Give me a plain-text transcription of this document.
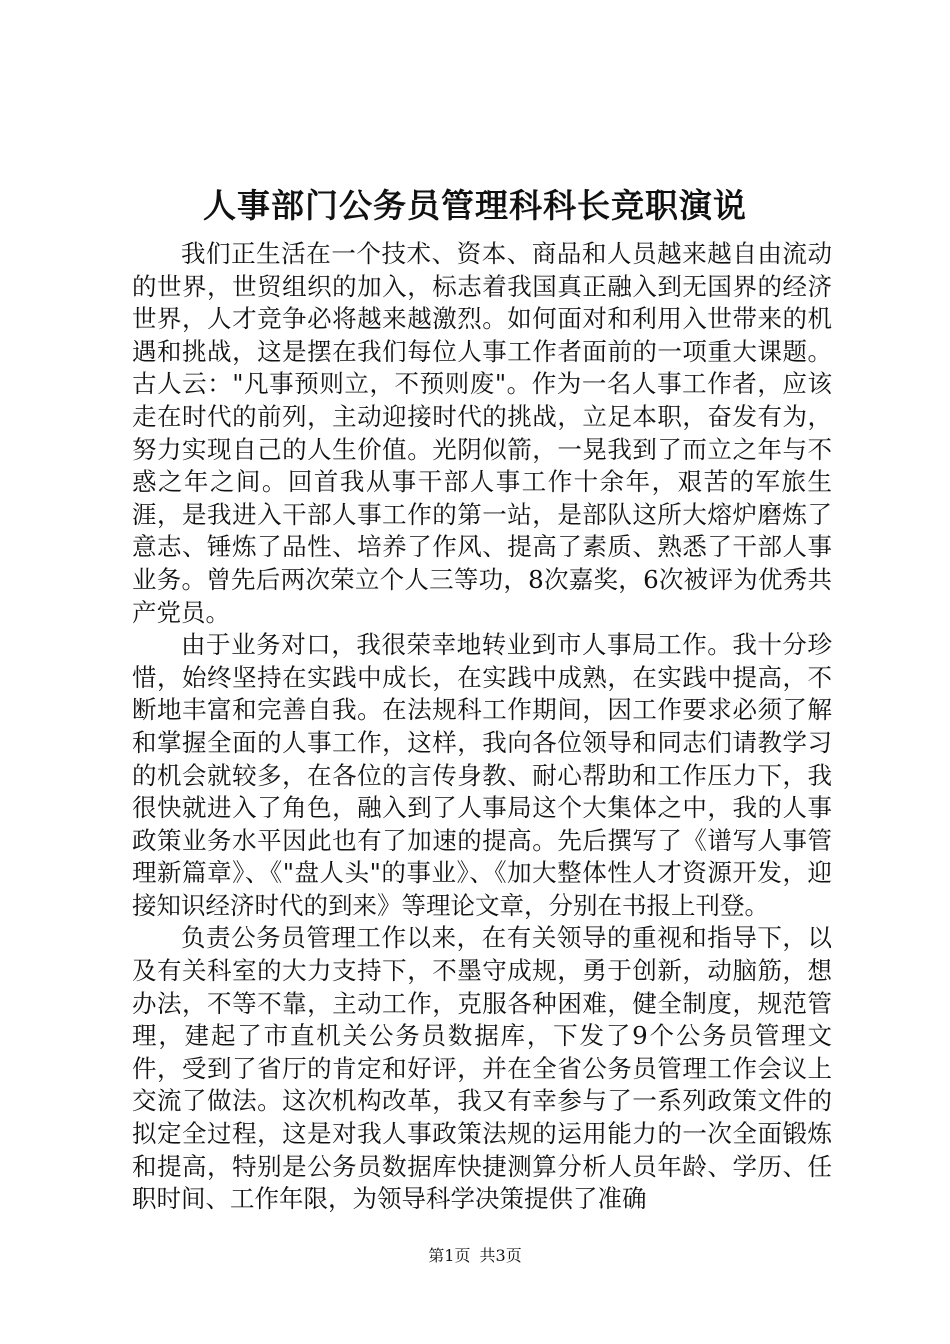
人事部门公务员管理科科长竞职演说

我们正生活在一个技术、资本、商品和人员越来越自由流动的世界，世贸组织的加入，标志着我国真正融入到无国界的经济世界，人才竞争必将越来越激烈。如何面对和利用入世带来的机遇和挑战，这是摆在我们每位人事工作者面前的一项重大课题。古人云："凡事预则立，不预则废"。作为一名人事工作者，应该走在时代的前列，主动迎接时代的挑战，立足本职，奋发有为，努力实现自己的人生价值。光阴似箭，一晃我到了而立之年与不惑之年之间。回首我从事干部人事工作十余年，艰苦的军旅生涯，是我进入干部人事工作的第一站，是部队这所大熔炉磨炼了意志、锤炼了品性、培养了作风、提高了素质、熟悉了干部人事业务。曾先后两次荣立个人三等功，8次嘉奖，6次被评为优秀共产党员。

由于业务对口，我很荣幸地转业到市人事局工作。我十分珍惜，始终坚持在实践中成长，在实践中成熟，在实践中提高，不断地丰富和完善自我。在法规科工作期间，因工作要求必须了解和掌握全面的人事工作，这样，我向各位领导和同志们请教学习的机会就较多，在各位的言传身教、耐心帮助和工作压力下，我很快就进入了角色，融入到了人事局这个大集体之中，我的人事政策业务水平因此也有了加速的提高。先后撰写了《谱写人事管理新篇章》、《"盘人头"的事业》、《加大整体性人才资源开发，迎接知识经济时代的到来》等理论文章，分别在书报上刊登。

负责公务员管理工作以来，在有关领导的重视和指导下，以及有关科室的大力支持下，不墨守成规，勇于创新，动脑筋，想办法，不等不靠，主动工作，克服各种困难，健全制度，规范管理，建起了市直机关公务员数据库，下发了9个公务员管理文件，受到了省厅的肯定和好评，并在全省公务员管理工作会议上交流了做法。这次机构改革，我又有幸参与了一系列政策文件的拟定全过程，这是对我人事政策法规的运用能力的一次全面锻炼和提高，特别是公务员数据库快捷测算分析人员年龄、学历、任职时间、工作年限，为领导科学决策提供了准确

第1页 共3页
